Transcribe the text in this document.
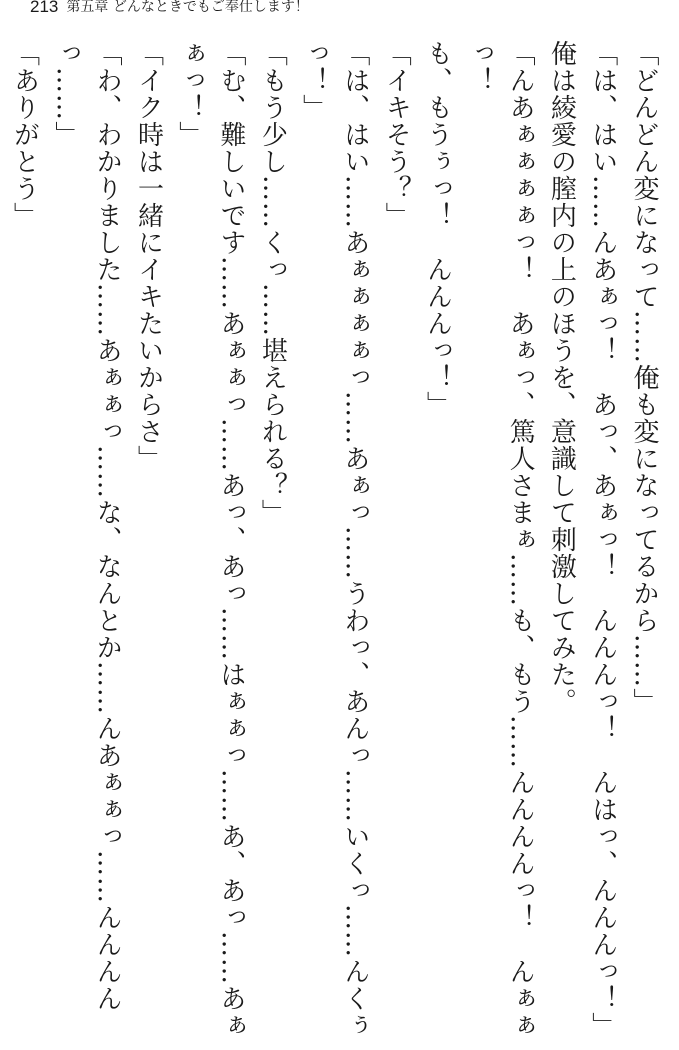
213 第五章 どんなときでもご奉仕します！

「どんどん変になって……俺も変になってるから……」

「は、はい……んあぁっ！　あっ、あぁっ！　んんんっ！　んはっ、んんんっ！」

俺は綾愛の膣内の上のほうを、意識して刺激してみた。

「んあぁぁぁぁっ！　あぁっ、篤人さまぁ……も、もう……んんんんっ！　んぁぁっ！
も、もうぅっ！　んんんっ！」

「イキそう？」

「は、はい……あぁぁぁぁっ……あぁっ……うわっ、あんっ……いくっ……んくぅっ！」

「もう少し……くっ……堪えられる？」

「む、難しいです……あぁぁっ……あっ、あっ……はぁぁっ……あ、あっ……あぁぁっ！」

「イク時は一緒にイキたいからさ」

「わ、わかりました……あぁぁっ……な、なんとか……んあぁぁっ……んんんんっ……」

「ありがとう」
